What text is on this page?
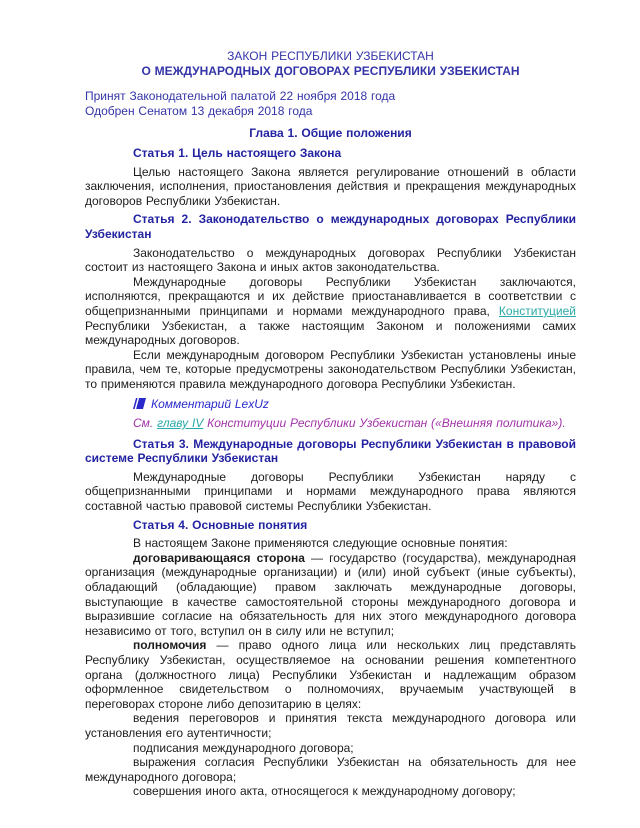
ЗАКОН РЕСПУБЛИКИ УЗБЕКИСТАН

О МЕЖДУНАРОДНЫХ ДОГОВОРАХ РЕСПУБЛИКИ УЗБЕКИСТАН

Принят Законодательной палатой 22 ноября 2018 года

Одобрен Сенатом 13 декабря 2018 года

Глава 1. Общие положения

Статья 1. Цель настоящего Закона

Целью настоящего Закона является регулирование отношений в области заключения, исполнения, приостановления действия и прекращения международных договоров Республики Узбекистан.

Статья 2. Законодательство о международных договорах Республики Узбекистан

Законодательство о международных договорах Республики Узбекистан состоит из настоящего Закона и иных актов законодательства.

Международные договоры Республики Узбекистан заключаются, исполняются, прекращаются и их действие приостанавливается в соответствии с общепризнанными принципами и нормами международного права, Конституцией Республики Узбекистан, а также настоящим Законом и положениями самих международных договоров.

Если международным договором Республики Узбекистан установлены иные правила, чем те, которые предусмотрены законодательством Республики Узбекистан, то применяются правила международного договора Республики Узбекистан.

Комментарий LexUz

См. главу IV Конституции Республики Узбекистан («Внешняя политика»).

Статья 3. Международные договоры Республики Узбекистан в правовой системе Республики Узбекистан

Международные договоры Республики Узбекистан наряду с общепризнанными принципами и нормами международного права являются составной частью правовой системы Республики Узбекистан.

Статья 4. Основные понятия

В настоящем Законе применяются следующие основные понятия:

договаривающаяся сторона — государство (государства), международная организация (международные организации) и (или) иной субъект (иные субъекты), обладающий (обладающие) правом заключать международные договоры, выступающие в качестве самостоятельной стороны международного договора и выразившие согласие на обязательность для них этого международного договора независимо от того, вступил он в силу или не вступил;

полномочия — право одного лица или нескольких лиц представлять Республику Узбекистан, осуществляемое на основании решения компетентного органа (должностного лица) Республики Узбекистан и надлежащим образом оформленное свидетельством о полномочиях, вручаемым участвующей в переговорах стороне либо депозитарию в целях:

ведения переговоров и принятия текста международного договора или установления его аутентичности;

подписания международного договора;

выражения согласия Республики Узбекистан на обязательность для нее международного договора;

совершения иного акта, относящегося к международному договору;
